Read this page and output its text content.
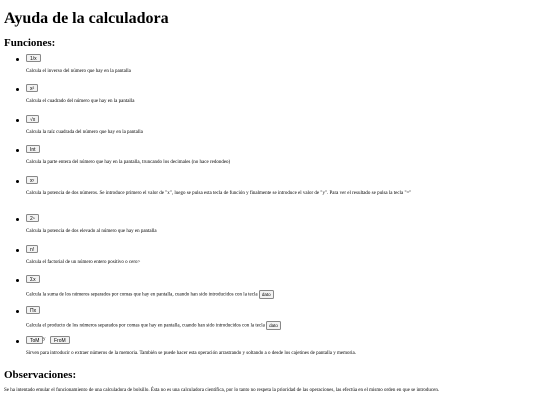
Ayuda de la calculadora
Funciones:
1/x

Calcula el inverso del número que hay en la pantalla

x²

Calcula el cuadrado del número que hay en la pantalla

√x

Calcula la raíz cuadrada del número que hay en la pantalla

Int

Calcula la parte entera del número que hay en la pantalla, truncando los decimales (no hace redondeo)

xʸ

Calcula la potencia de dos números. Se introduce primero el valor de "x", luego se pulsa esta tecla de función y finalmente se introduce el valor de "y". Para ver el resultado se pulsa la tecla "="

2ⁿ

Calcula la potencia de dos elevado al número que hay en pantalla

n!

Calcula el factorial de un número entero positivo o cero>

Σx

Calcula la suma de los números separados por comas que hay en pantalla, cuando han sido introducidos con la tecla dato

Πx

Calcula el producto de los números separados por comas que hay en pantalla, cuando han sido introducidos con la tecla dato

ToM y	FroM

Sirven para introducir o extraer números de la memoria. También se puede hacer esta operación arrastrando y soltando a o desde los cajetines de pantalla y memoria.

Observaciones:

Se ha intentado emular el funcionamiento de una calculadora de bolsillo. Ésta no es una calculadora científica, por lo tanto no respeta la prioridad de las operaciones, las efectúa en el mismo orden en que se introducen.
